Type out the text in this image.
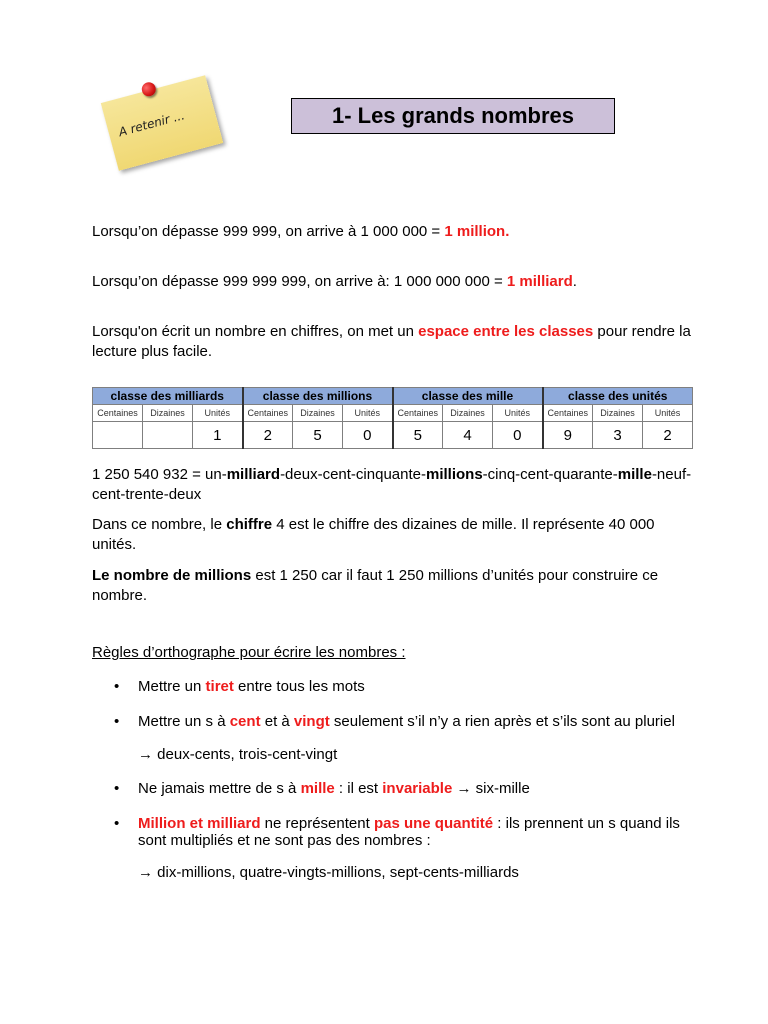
A retenir ...	1- Les grands nombres

Lorsqu’on dépasse 999 999, on arrive à 1 000 000 = 1 million.

Lorsqu’on dépasse 999 999 999, on arrive à: 1 000 000 000 = 1 milliard.

Lorsqu'on écrit un nombre en chiffres, on met un espace entre les classes pour rendre la lecture plus facile.

classe des milliards			classe des millions			classe des mille			classe des unités		
Centaines	Dizaines	Unités	Centaines	Dizaines	Unités	Centaines	Dizaines	Unités	Centaines	Dizaines	Unités
		1	2	5	0	5	4	0	9	3	2

1 250 540 932 = un-milliard-deux-cent-cinquante-millions-cinq-cent-quarante-mille-neuf-cent-trente-deux

Dans ce nombre, le chiffre 4 est le chiffre des dizaines de mille. Il représente 40 000 unités.

Le nombre de millions est 1 250 car il faut 1 250 millions d’unités pour construire ce nombre.

Règles d’orthographe pour écrire les nombres :

• Mettre un tiret entre tous les mots
• Mettre un s à cent et à vingt seulement s’il n’y a rien après et s’ils sont au pluriel
→ deux-cents, trois-cent-vingt
• Ne jamais mettre de s à mille : il est invariable → six-mille
• Million et milliard ne représentent pas une quantité : ils prennent un s quand ils sont multipliés et ne sont pas des nombres :
→ dix-millions, quatre-vingts-millions, sept-cents-milliards
